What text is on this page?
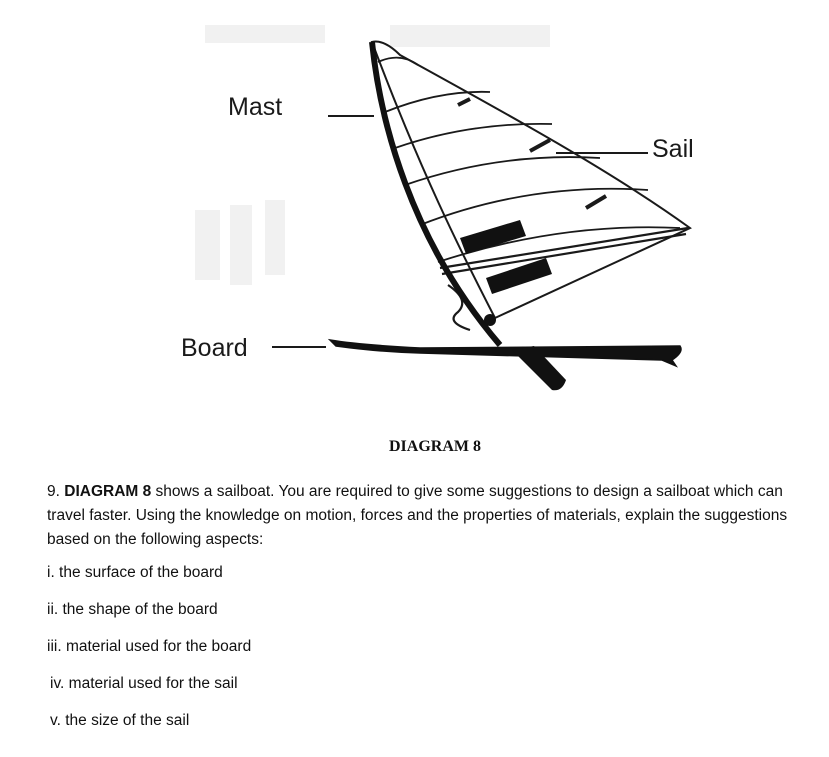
Mast
Sail
Board
DIAGRAM 8

9. DIAGRAM 8 shows a sailboat. You are required to give some suggestions to design a sailboat which can travel faster. Using the knowledge on motion, forces and the properties of materials, explain the suggestions based on the following aspects:

i. the surface of the board
ii. the shape of the board
iii. material used for the board
iv. material used for the sail
v. the size of the sail
